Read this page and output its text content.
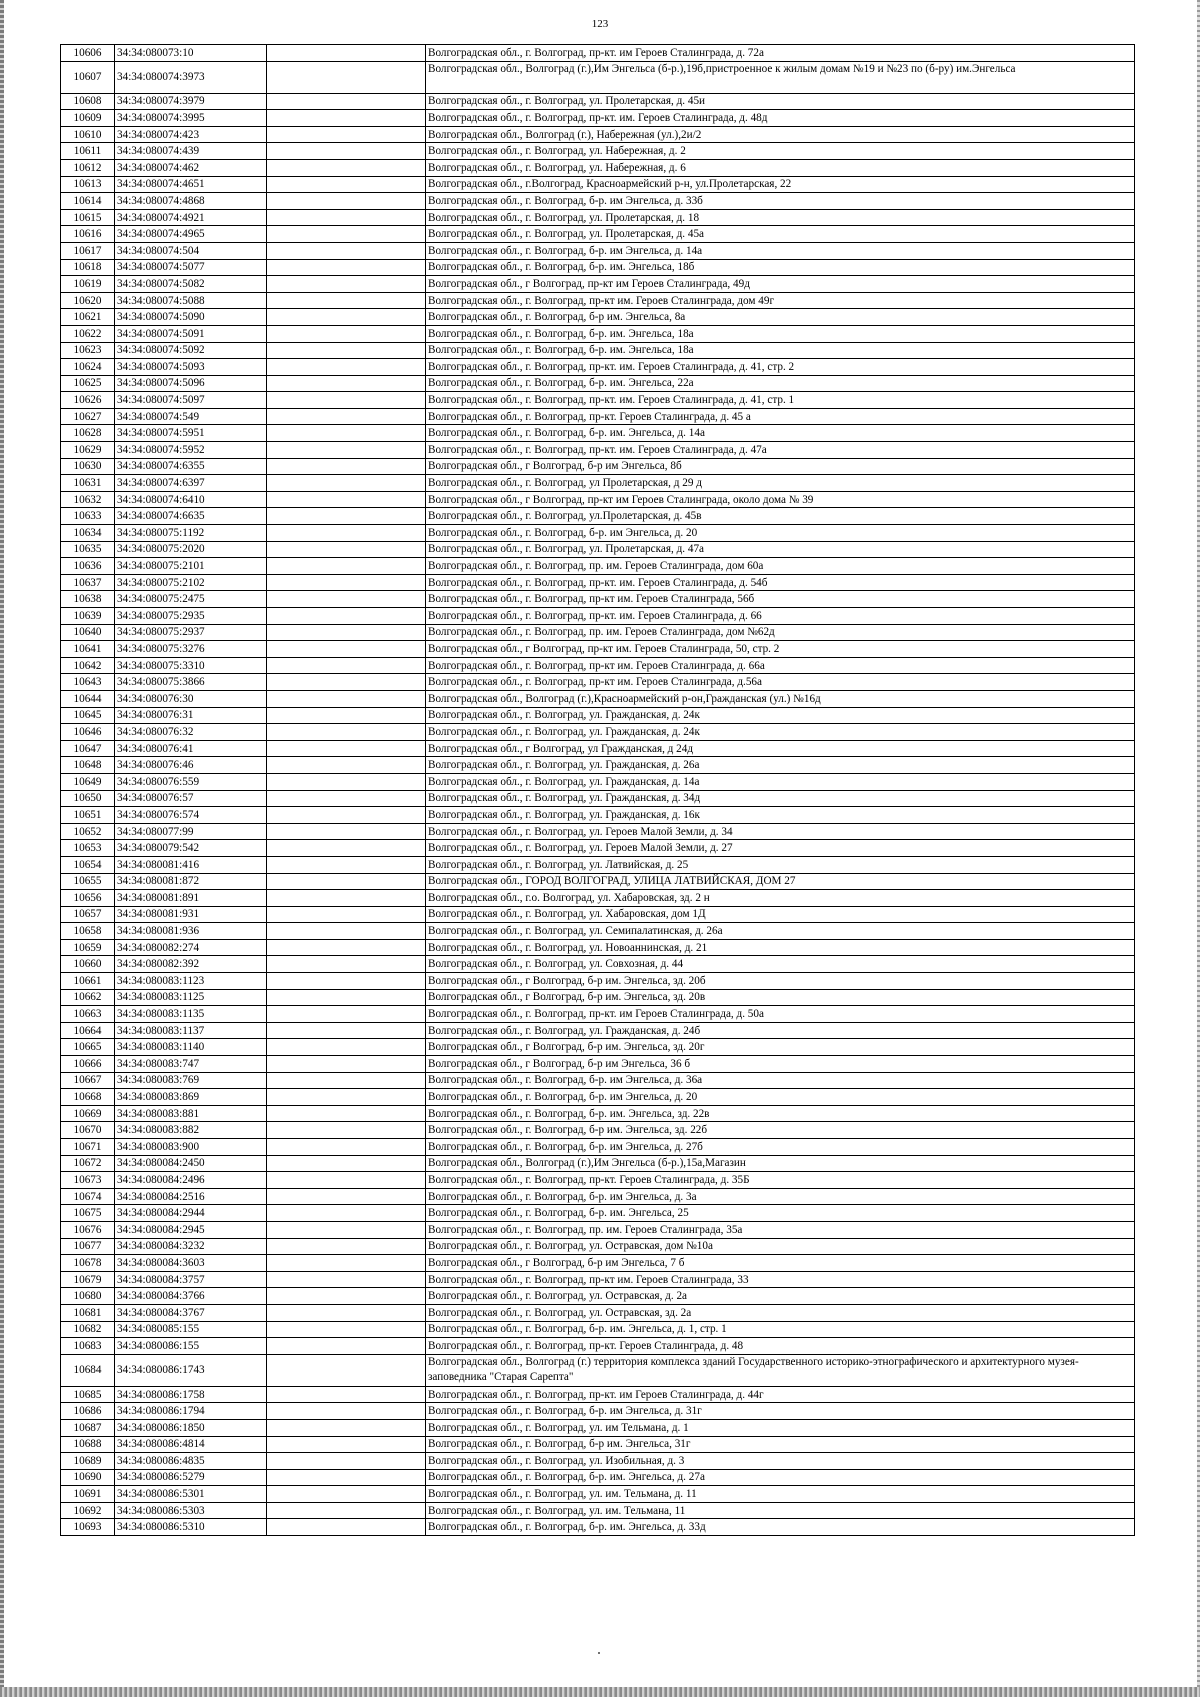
123
10606	34:34:080073:10		Волгоградская обл., г. Волгоград, пр-кт. им Героев Сталинграда, д. 72а
10607	34:34:080074:3973		Волгоградская обл., Волгоград (г.),Им Энгельса (б-р.),19б,пристроенное к жилым домам №19 и №23 по (б-ру) им.Энгельса
10608	34:34:080074:3979		Волгоградская обл., г. Волгоград, ул. Пролетарская, д. 45и
10609	34:34:080074:3995		Волгоградская обл., г. Волгоград, пр-кт. им. Героев Сталинграда, д. 48д
10610	34:34:080074:423		Волгоградская обл., Волгоград (г.), Набережная (ул.),2и/2
10611	34:34:080074:439		Волгоградская обл., г. Волгоград, ул. Набережная, д. 2
10612	34:34:080074:462		Волгоградская обл., г. Волгоград, ул. Набережная, д. 6
10613	34:34:080074:4651		Волгоградская обл., г.Волгоград, Красноармейский р-н, ул.Пролетарская, 22
10614	34:34:080074:4868		Волгоградская обл., г. Волгоград, б-р. им Энгельса, д. 33б
10615	34:34:080074:4921		Волгоградская обл., г. Волгоград, ул. Пролетарская, д. 18
10616	34:34:080074:4965		Волгоградская обл., г. Волгоград, ул. Пролетарская, д. 45а
10617	34:34:080074:504		Волгоградская обл., г. Волгоград, б-р. им Энгельса, д. 14а
10618	34:34:080074:5077		Волгоградская обл., г. Волгоград, б-р. им. Энгельса, 18б
10619	34:34:080074:5082		Волгоградская обл., г Волгоград, пр-кт им Героев Сталинграда, 49д
10620	34:34:080074:5088		Волгоградская обл., г. Волгоград, пр-кт им. Героев Сталинграда, дом 49г
10621	34:34:080074:5090		Волгоградская обл., г. Волгоград, б-р им. Энгельса, 8а
10622	34:34:080074:5091		Волгоградская обл., г. Волгоград, б-р. им. Энгельса, 18а
10623	34:34:080074:5092		Волгоградская обл., г. Волгоград, б-р. им. Энгельса, 18а
10624	34:34:080074:5093		Волгоградская обл., г. Волгоград, пр-кт. им. Героев Сталинграда, д. 41, стр. 2
10625	34:34:080074:5096		Волгоградская обл., г. Волгоград, б-р. им. Энгельса, 22а
10626	34:34:080074:5097		Волгоградская обл., г. Волгоград, пр-кт. им. Героев Сталинграда, д. 41, стр. 1
10627	34:34:080074:549		Волгоградская обл., г. Волгоград, пр-кт. Героев Сталинграда, д. 45 а
10628	34:34:080074:5951		Волгоградская обл., г. Волгоград, б-р. им. Энгельса, д. 14а
10629	34:34:080074:5952		Волгоградская обл., г. Волгоград, пр-кт. им. Героев Сталинграда, д. 47а
10630	34:34:080074:6355		Волгоградская обл., г Волгоград, б-р им Энгельса, 8б
10631	34:34:080074:6397		Волгоградская обл., г. Волгоград, ул Пролетарская, д 29 д
10632	34:34:080074:6410		Волгоградская обл., г Волгоград, пр-кт им Героев Сталинграда, около дома № 39
10633	34:34:080074:6635		Волгоградская обл., г. Волгоград, ул.Пролетарская, д. 45в
10634	34:34:080075:1192		Волгоградская обл., г. Волгоград, б-р. им Энгельса, д. 20
10635	34:34:080075:2020		Волгоградская обл., г. Волгоград, ул. Пролетарская, д. 47а
10636	34:34:080075:2101		Волгоградская обл., г. Волгоград, пр. им. Героев Сталинграда, дом 60а
10637	34:34:080075:2102		Волгоградская обл., г. Волгоград, пр-кт. им. Героев Сталинграда, д. 54б
10638	34:34:080075:2475		Волгоградская обл., г. Волгоград, пр-кт им. Героев Сталинграда, 56б
10639	34:34:080075:2935		Волгоградская обл., г. Волгоград, пр-кт. им. Героев Сталинграда, д. 66
10640	34:34:080075:2937		Волгоградская обл., г. Волгоград, пр. им. Героев Сталинграда, дом №62д
10641	34:34:080075:3276		Волгоградская обл., г Волгоград, пр-кт им. Героев Сталинграда, 50, стр. 2
10642	34:34:080075:3310		Волгоградская обл., г. Волгоград, пр-кт им. Героев Сталинграда, д. 66а
10643	34:34:080075:3866		Волгоградская обл., г. Волгоград, пр-кт им. Героев Сталинграда, д.56а
10644	34:34:080076:30		Волгоградская обл., Волгоград (г.),Красноармейский р-он,Гражданская (ул.) №16д
10645	34:34:080076:31		Волгоградская обл., г. Волгоград, ул. Гражданская, д. 24к
10646	34:34:080076:32		Волгоградская обл., г. Волгоград, ул. Гражданская, д. 24к
10647	34:34:080076:41		Волгоградская обл., г Волгоград, ул Гражданская, д 24д
10648	34:34:080076:46		Волгоградская обл., г. Волгоград, ул. Гражданская, д. 26а
10649	34:34:080076:559		Волгоградская обл., г. Волгоград, ул. Гражданская, д. 14а
10650	34:34:080076:57		Волгоградская обл., г. Волгоград, ул. Гражданская, д. 34д
10651	34:34:080076:574		Волгоградская обл., г. Волгоград, ул. Гражданская, д. 16к
10652	34:34:080077:99		Волгоградская обл., г. Волгоград, ул. Героев Малой Земли, д. 34
10653	34:34:080079:542		Волгоградская обл., г. Волгоград, ул. Героев Малой Земли, д. 27
10654	34:34:080081:416		Волгоградская обл., г. Волгоград, ул. Латвийская, д. 25
10655	34:34:080081:872		Волгоградская обл., ГОРОД ВОЛГОГРАД, УЛИЦА ЛАТВИЙСКАЯ, ДОМ 27
10656	34:34:080081:891		Волгоградская обл., г.о. Волгоград, ул. Хабаровская, зд. 2 н
10657	34:34:080081:931		Волгоградская обл., г. Волгоград, ул. Хабаровская, дом 1Д
10658	34:34:080081:936		Волгоградская обл., г. Волгоград, ул. Семипалатинская, д. 26а
10659	34:34:080082:274		Волгоградская обл., г. Волгоград, ул. Новоаннинская, д. 21
10660	34:34:080082:392		Волгоградская обл., г. Волгоград, ул. Совхозная, д. 44
10661	34:34:080083:1123		Волгоградская обл., г Волгоград, б-р им. Энгельса, зд. 20б
10662	34:34:080083:1125		Волгоградская обл., г Волгоград, б-р им. Энгельса, зд. 20в
10663	34:34:080083:1135		Волгоградская обл., г. Волгоград, пр-кт. им Героев Сталинграда, д. 50а
10664	34:34:080083:1137		Волгоградская обл., г. Волгоград, ул. Гражданская, д. 24б
10665	34:34:080083:1140		Волгоградская обл., г Волгоград, б-р им. Энгельса, зд. 20г
10666	34:34:080083:747		Волгоградская обл., г Волгоград, б-р им Энгельса, 36 б
10667	34:34:080083:769		Волгоградская обл., г. Волгоград, б-р. им Энгельса, д. 36а
10668	34:34:080083:869		Волгоградская обл., г. Волгоград, б-р. им Энгельса, д. 20
10669	34:34:080083:881		Волгоградская обл., г. Волгоград, б-р. им. Энгельса, зд. 22в
10670	34:34:080083:882		Волгоградская обл., г. Волгоград, б-р им. Энгельса, зд. 22б
10671	34:34:080083:900		Волгоградская обл., г. Волгоград, б-р. им Энгельса, д. 27б
10672	34:34:080084:2450		Волгоградская обл., Волгоград (г.),Им Энгельса (б-р.),15а,Магазин
10673	34:34:080084:2496		Волгоградская обл., г. Волгоград, пр-кт. Героев Сталинграда, д. 35Б
10674	34:34:080084:2516		Волгоградская обл., г. Волгоград, б-р. им Энгельса, д. 3а
10675	34:34:080084:2944		Волгоградская обл., г. Волгоград, б-р. им. Энгельса, 25
10676	34:34:080084:2945		Волгоградская обл., г. Волгоград, пр. им. Героев Сталинграда, 35а
10677	34:34:080084:3232		Волгоградская обл., г. Волгоград, ул. Остравская, дом №10а
10678	34:34:080084:3603		Волгоградская обл., г Волгоград, б-р им Энгельса, 7 б
10679	34:34:080084:3757		Волгоградская обл., г. Волгоград, пр-кт им. Героев Сталинграда, 33
10680	34:34:080084:3766		Волгоградская обл., г. Волгоград, ул. Остравская, д. 2а
10681	34:34:080084:3767		Волгоградская обл., г. Волгоград, ул. Остравская, зд. 2а
10682	34:34:080085:155		Волгоградская обл., г. Волгоград, б-р. им. Энгельса, д. 1, стр. 1
10683	34:34:080086:155		Волгоградская обл., г. Волгоград, пр-кт. Героев Сталинграда, д. 48
10684	34:34:080086:1743		Волгоградская обл., Волгоград (г.) территория комплекса зданий Государственного историко-этнографического и архитектурного музея-заповедника "Старая Сарепта"
10685	34:34:080086:1758		Волгоградская обл., г. Волгоград, пр-кт. им Героев Сталинграда, д. 44г
10686	34:34:080086:1794		Волгоградская обл., г. Волгоград, б-р. им Энгельса, д. 31г
10687	34:34:080086:1850		Волгоградская обл., г. Волгоград, ул. им Тельмана, д. 1
10688	34:34:080086:4814		Волгоградская обл., г. Волгоград, б-р им. Энгельса, 31г
10689	34:34:080086:4835		Волгоградская обл., г. Волгоград, ул. Изобильная, д. 3
10690	34:34:080086:5279		Волгоградская обл., г. Волгоград, б-р. им. Энгельса, д. 27а
10691	34:34:080086:5301		Волгоградская обл., г. Волгоград, ул. им. Тельмана, д. 11
10692	34:34:080086:5303		Волгоградская обл., г. Волгоград, ул. им. Тельмана, 11
10693	34:34:080086:5310		Волгоградская обл., г. Волгоград, б-р. им. Энгельса, д. 33д
